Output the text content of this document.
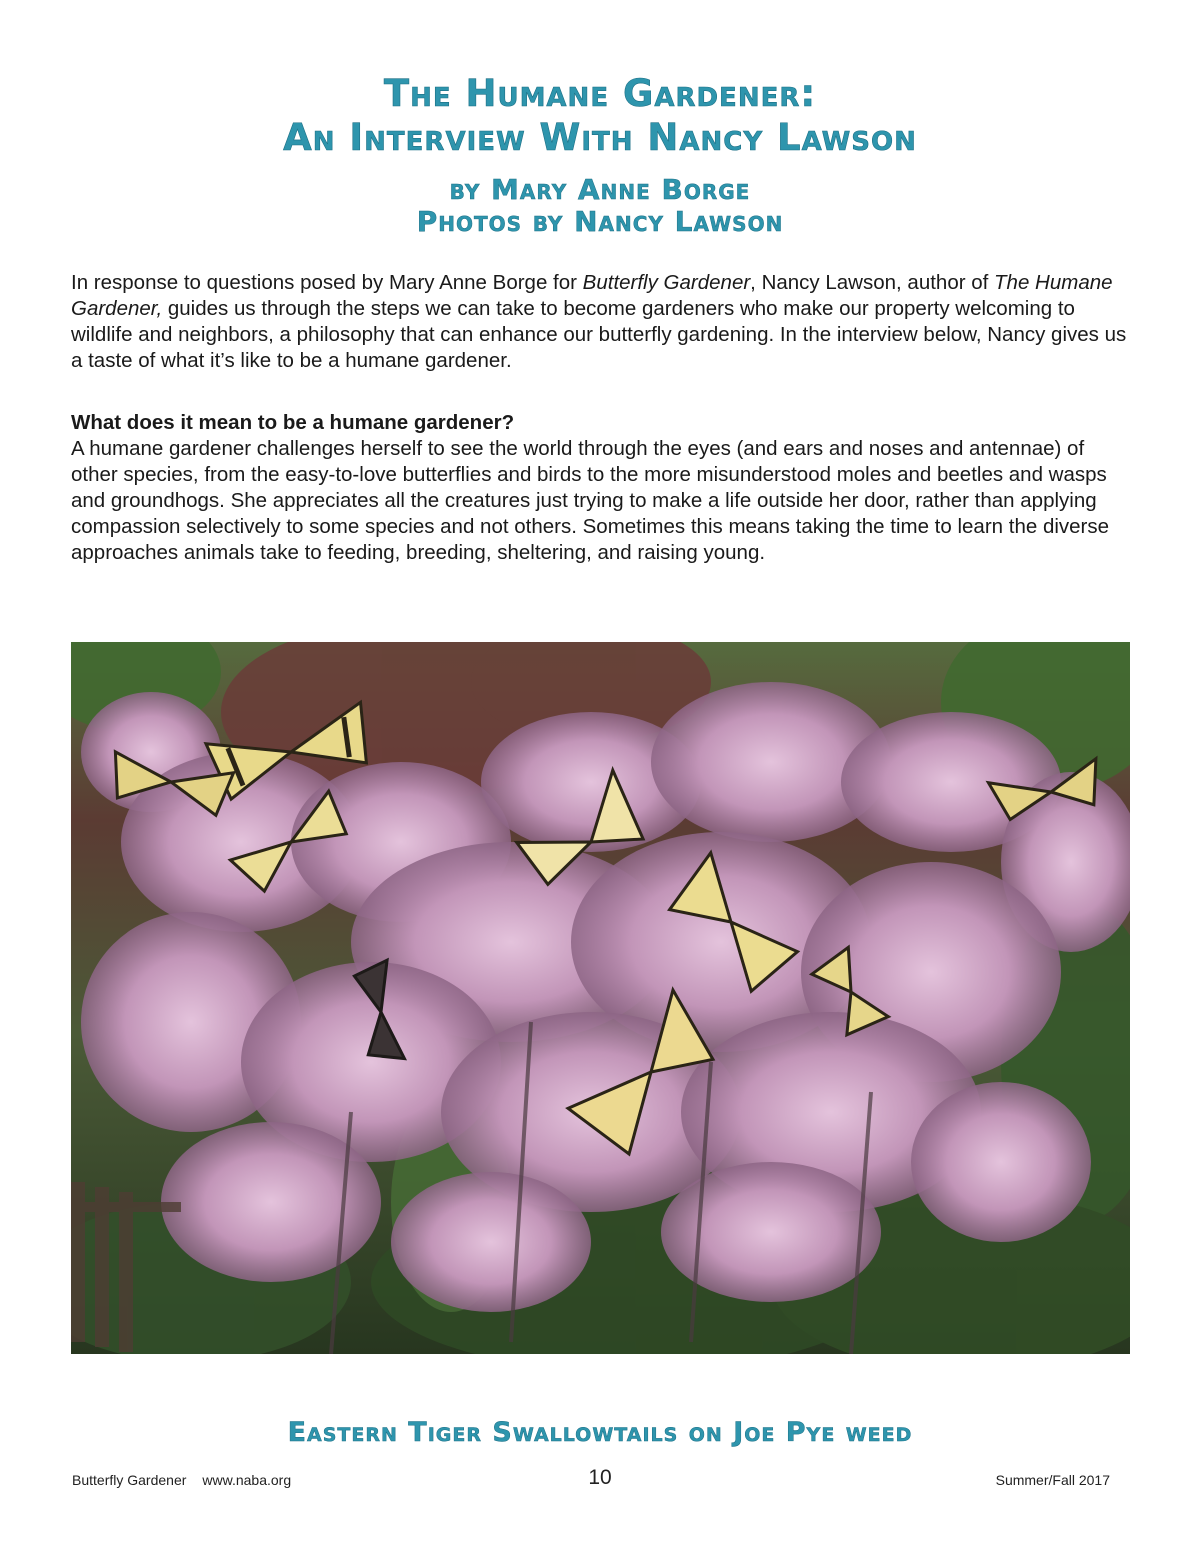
The Humane Gardener:
An Interview With Nancy Lawson
by Mary Anne Borge
Photos by Nancy Lawson

In response to questions posed by Mary Anne Borge for Butterfly Gardener, Nancy Lawson, author of The Humane Gardener, guides us through the steps we can take to become gardeners who make our property welcoming to wildlife and neighbors, a philosophy that can enhance our butterfly gardening. In the interview below, Nancy gives us a taste of what it’s like to be a humane gardener.

What does it mean to be a humane gardener?
A humane gardener challenges herself to see the world through the eyes (and ears and noses and antennae) of other species, from the easy-to-love butterflies and birds to the more misunderstood moles and beetles and wasps and groundhogs. She appreciates all the creatures just trying to make a life outside her door, rather than applying compassion selectively to some species and not others. Sometimes this means taking the time to learn the diverse approaches animals take to feeding, breeding, sheltering, and raising young.
Eastern Tiger Swallowtails on Joe Pye weed
Butterfly Gardener www.naba.org	10	Summer/Fall 2017
